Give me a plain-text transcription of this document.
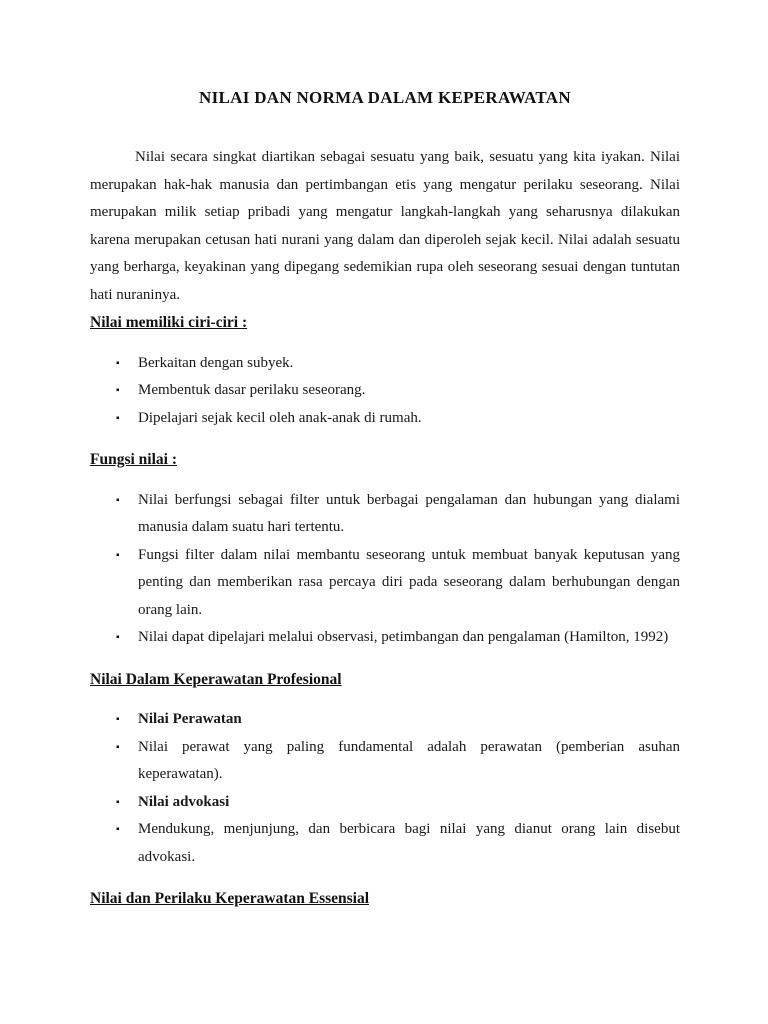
NILAI DAN NORMA DALAM KEPERAWATAN

Nilai secara singkat diartikan sebagai sesuatu yang baik, sesuatu yang kita iyakan. Nilai merupakan hak-hak manusia dan pertimbangan etis yang mengatur perilaku seseorang. Nilai merupakan milik setiap pribadi yang mengatur langkah-langkah yang seharusnya dilakukan karena merupakan cetusan hati nurani yang dalam dan diperoleh sejak kecil. Nilai adalah sesuatu yang berharga, keyakinan yang dipegang sedemikian rupa oleh seseorang sesuai dengan tuntutan hati nuraninya.

Nilai memiliki ciri-ciri :
▪ Berkaitan dengan subyek.
▪ Membentuk dasar perilaku seseorang.
▪ Dipelajari sejak kecil oleh anak-anak di rumah.
Fungsi nilai :
▪ Nilai berfungsi sebagai filter untuk berbagai pengalaman dan hubungan yang dialami manusia dalam suatu hari tertentu.
▪ Fungsi filter dalam nilai membantu seseorang untuk membuat banyak keputusan yang penting dan memberikan rasa percaya diri pada seseorang dalam berhubungan dengan orang lain.
▪ Nilai dapat dipelajari melalui observasi, petimbangan dan pengalaman (Hamilton, 1992)
Nilai Dalam Keperawatan Profesional
▪ Nilai Perawatan
▪ Nilai perawat yang paling fundamental adalah perawatan (pemberian asuhan keperawatan).
▪ Nilai advokasi
▪ Mendukung, menjunjung, dan berbicara bagi nilai yang dianut orang lain disebut advokasi.
Nilai dan Perilaku Keperawatan Essensial
